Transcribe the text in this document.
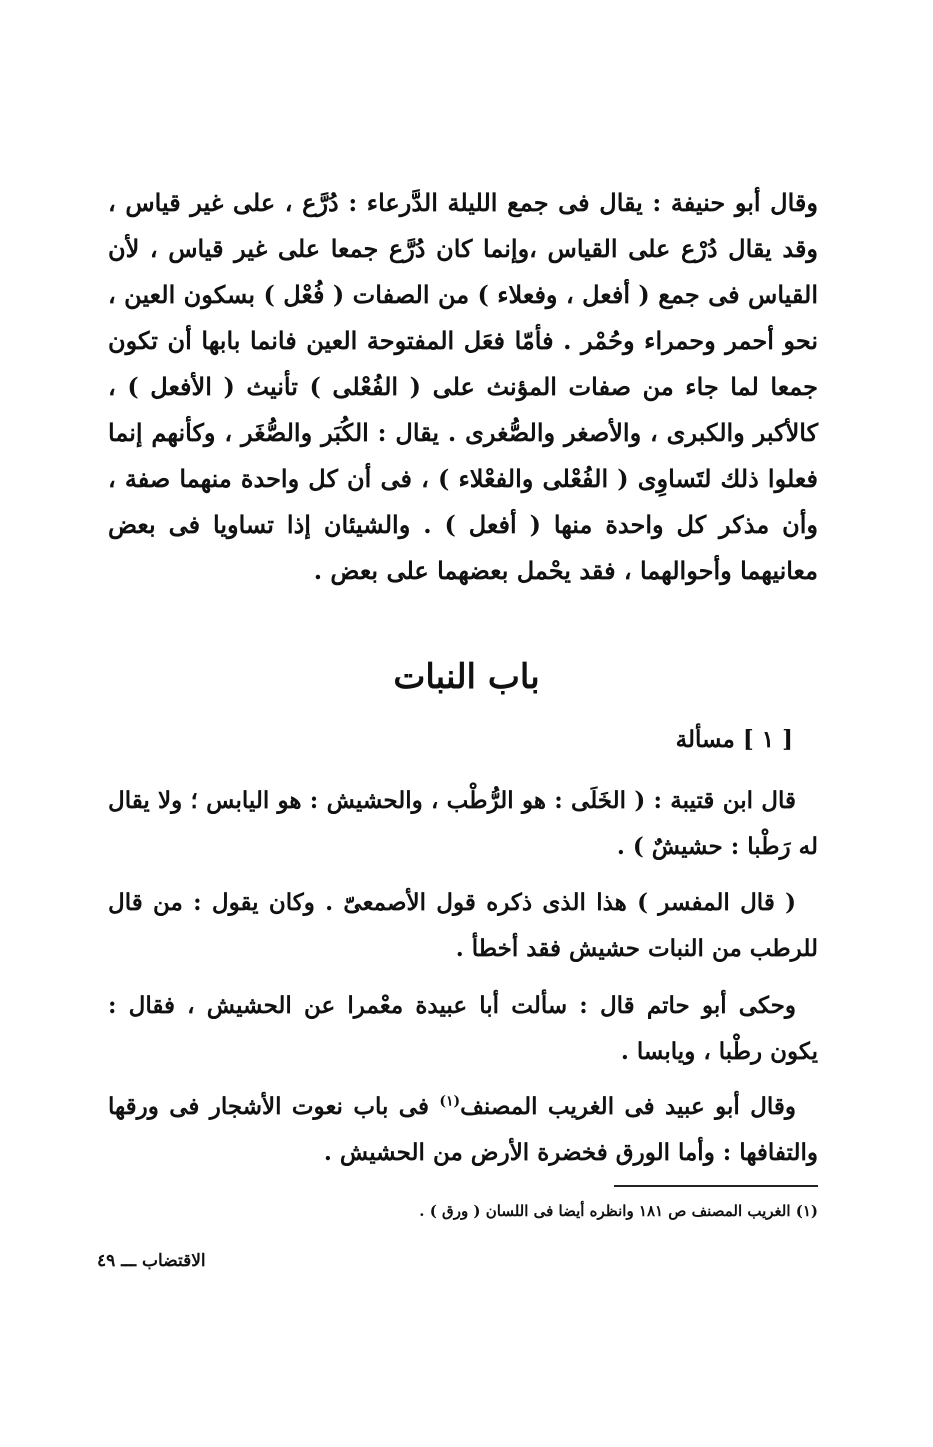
وقال أبو حنيفة : يقال فى جمع الليلة الدَّرعاء : دُرَّع ، على غير قياس ، وقد يقال دُرْع على القياس ،وإنما كان دُرَّع جمعا على غير قياس ، لأن القياس فى جمع ( أفعل ، وفعلاء ) من الصفات ( فُعْل ) بسكون العين ، نحو أحمر وحمراء وحُمْر . فأمّا فعَل المفتوحة العين فانما بابها أن تكون جمعا لما جاء من صفات المؤنث على ( الفُعْلى ) تأنيث ( الأفعل ) ، كالأكبر والكبرى ، والأصغر والصُّغرى . يقال : الكُبَر والصُّغَر ، وكأنهم إنما فعلوا ذلك لتَساوِى ( الفُعْلى والفعْلاء ) ، فى أن كل واحدة منهما صفة ، وأن مذكر كل واحدة منها ( أفعل ) . والشيئان إذا تساويا فى بعض معانيهما وأحوالهما ، فقد يحْمل بعضهما على بعض .

باب النبات
[ ١ ] مسألة

قال ابن قتيبة : ( الخَلَى : هو الرُّطْب ، والحشيش : هو اليابس ؛ ولا يقال له رَطْبا : حشيشٌ ) .

( قال المفسر ) هذا الذى ذكره قول الأصمعىّ . وكان يقول : من قال للرطب من النبات حشيش فقد أخطأ .

وحكى أبو حاتم قال : سألت أبا عبيدة معْمرا عن الحشيش ، فقال : يكون رطْبا ، ويابسا .

وقال أبو عبيد فى الغريب المصنف$^{(١)}$ فى باب نعوت الأشجار فى ورقها والتفافها : وأما الورق فخضرة الأرض من الحشيش .

(١) الغريب المصنف ص ١٨١ وانظره أيضا فى اللسان ( ورق ) .
الاقتضاب ـــ ٤٩
